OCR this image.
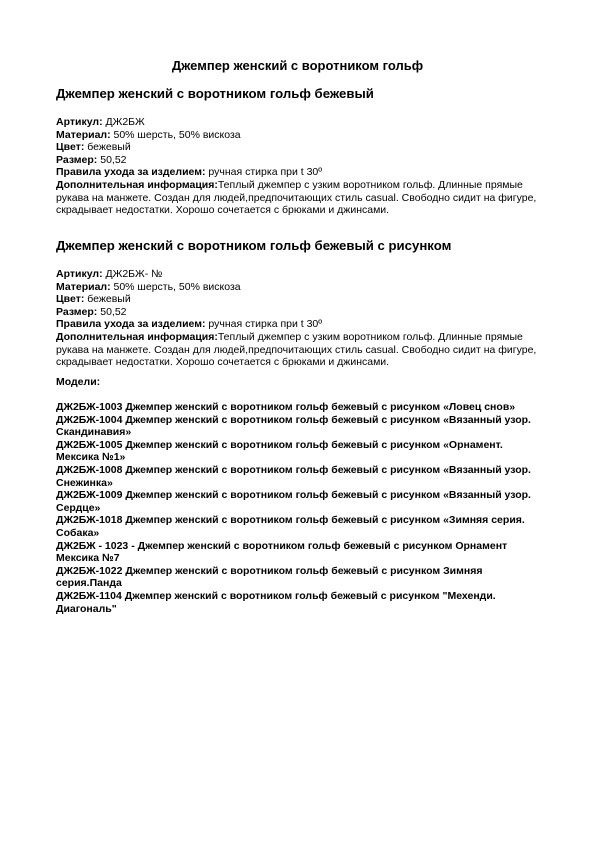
Джемпер женский с воротником гольф
Джемпер женский с воротником гольф бежевый

Артикул: ДЖ2БЖ

Материал: 50% шерсть, 50% вискоза

Цвет: бежевый

Размер: 50,52

Правила ухода за изделием: ручная стирка при t 30º

Дополнительная информация:Теплый джемпер с узким воротником гольф. Длинные прямые рукава на манжете. Создан для людей,предпочитающих стиль casual. Свободно сидит на фигуре, скрадывает недостатки. Хорошо сочетается с брюками и джинсами.

Джемпер женский с воротником гольф бежевый с рисунком

Артикул: ДЖ2БЖ- №

Материал: 50% шерсть, 50% вискоза

Цвет: бежевый

Размер: 50,52

Правила ухода за изделием: ручная стирка при t 30º

Дополнительная информация:Теплый джемпер с узким воротником гольф. Длинные прямые рукава на манжете. Создан для людей,предпочитающих стиль casual. Свободно сидит на фигуре, скрадывает недостатки. Хорошо сочетается с брюками и джинсами.

Модели:

ДЖ2БЖ-1003 Джемпер женский с воротником гольф бежевый с рисунком «Ловец снов»

ДЖ2БЖ-1004 Джемпер женский с воротником гольф бежевый с рисунком «Вязанный узор. Скандинавия»

ДЖ2БЖ-1005 Джемпер женский с воротником гольф бежевый с рисунком «Орнамент. Мексика №1»

ДЖ2БЖ-1008 Джемпер женский с воротником гольф бежевый с рисунком «Вязанный узор. Снежинка»

ДЖ2БЖ-1009 Джемпер женский с воротником гольф бежевый с рисунком «Вязанный узор. Сердце»

ДЖ2БЖ-1018 Джемпер женский с воротником гольф бежевый с рисунком «Зимняя серия. Собака»

ДЖ2БЖ - 1023 - Джемпер женский с воротником гольф бежевый с рисунком Орнамент Мексика №7

ДЖ2БЖ-1022 Джемпер женский с воротником гольф бежевый с рисунком Зимняя серия.Панда

ДЖ2БЖ-1104 Джемпер женский с воротником гольф бежевый с рисунком "Мехенди. Диагональ"
